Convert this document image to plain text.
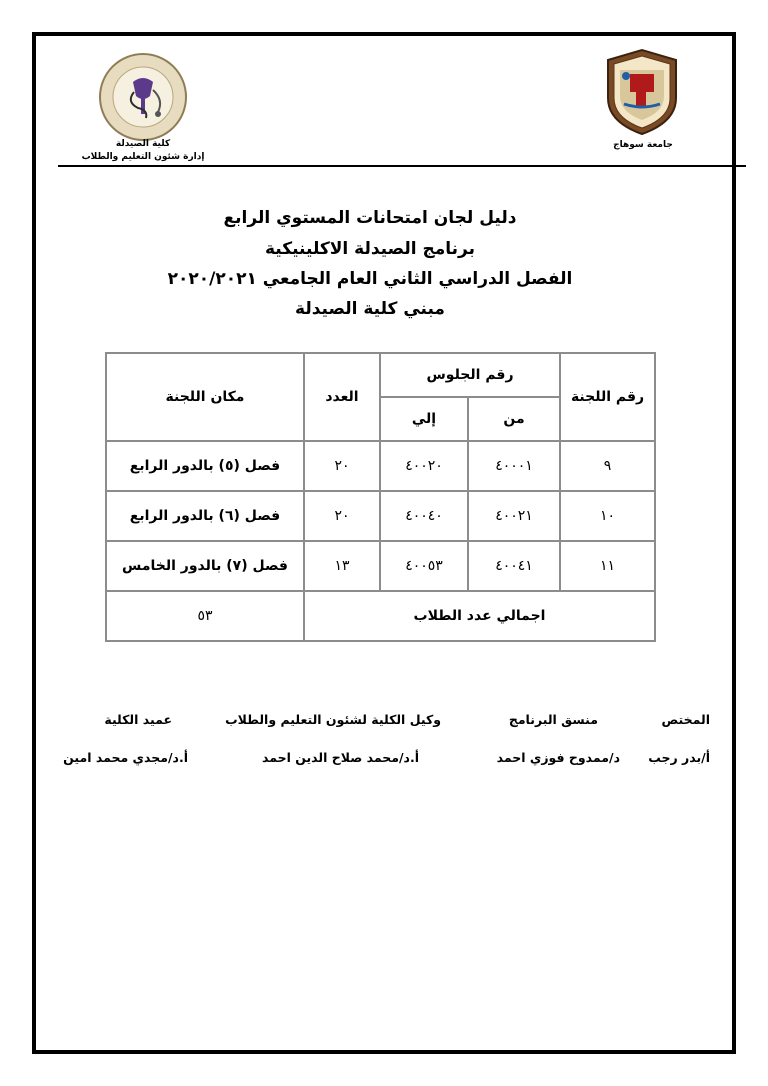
جامعة سوهاج
كلية الصيدلة
إدارة شئون التعليم والطلاب
دليل لجان امتحانات المستوي الرابع
برنامج الصيدلة الاكلينيكية
الفصل الدراسي الثاني العام الجامعي ٢٠٢٠/٢٠٢١
مبني كلية الصيدلة
رقم اللجنة	رقم الجلوس		العدد	مكان اللجنة
	من	إلي		
٩	٤٠٠٠١	٤٠٠٢٠	٢٠	فصل (٥) بالدور الرابع
١٠	٤٠٠٢١	٤٠٠٤٠	٢٠	فصل (٦) بالدور الرابع
١١	٤٠٠٤١	٤٠٠٥٣	١٣	فصل (٧) بالدور الخامس
اجمالي عدد الطلاب				٥٣
المختص
أ/بدر رجب
منسق البرنامج
د/ممدوح فوزي احمد
وكيل الكلية لشئون التعليم والطلاب
أ.د/محمد صلاح الدين احمد
عميد الكلية
أ.د/مجدي محمد امين
